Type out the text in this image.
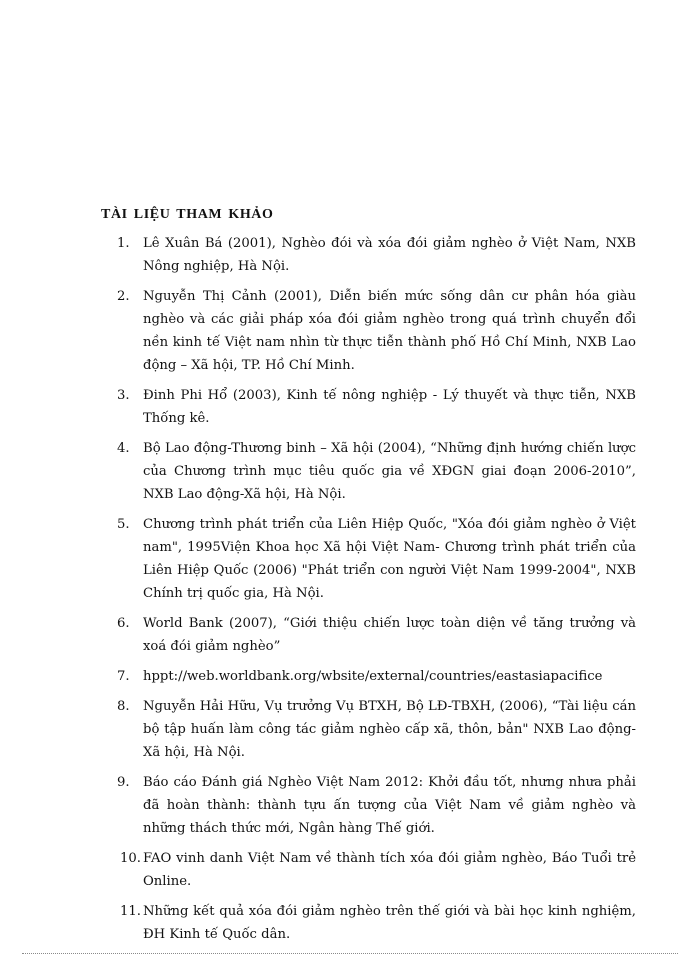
TÀI LIỆU THAM KHẢO
1. Lê Xuân Bá (2001), Nghèo đói và xóa đói giảm nghèo ở Việt Nam, NXB Nông nghiệp, Hà Nội.
2. Nguyễn Thị Cảnh (2001), Diễn biến mức sống dân cư phân hóa giàu nghèo và các giải pháp xóa đói giảm nghèo trong quá trình chuyển đổi nền kinh tế Việt nam nhìn từ thực tiễn thành phố Hồ Chí Minh, NXB Lao động – Xã hội, TP. Hồ Chí Minh.
3. Đinh Phi Hổ (2003), Kinh tế nông nghiệp - Lý thuyết và thực tiễn, NXB Thống kê.
4. Bộ Lao động-Thương binh – Xã hội (2004), “Những định hướng chiến lược của Chương trình mục tiêu quốc gia về XĐGN giai đoạn 2006-2010”, NXB Lao động-Xã hội, Hà Nội.
5. Chương trình phát triển của Liên Hiệp Quốc, "Xóa đói giảm nghèo ở Việt nam", 1995Viện Khoa học Xã hội Việt Nam- Chương trình phát triển của Liên Hiệp Quốc (2006) "Phát triển con người Việt Nam 1999-2004", NXB Chính trị quốc gia, Hà Nội.
6. World Bank (2007), “Giới thiệu chiến lược toàn diện về tăng trưởng và xoá đói giảm nghèo”
7. hppt://web.worldbank.org/wbsite/external/countries/eastasiapacifice
8. Nguyễn Hải Hữu, Vụ trưởng Vụ BTXH, Bộ LĐ-TBXH, (2006), “Tài liệu cán bộ tập huấn làm công tác giảm nghèo cấp xã, thôn, bản" NXB Lao động-Xã hội, Hà Nội.
9. Báo cáo Đánh giá Nghèo Việt Nam 2012: Khởi đầu tốt, nhưng nhưa phải đã hoàn thành: thành tựu ấn tượng của Việt Nam về giảm nghèo và những thách thức mới, Ngân hàng Thế giới.
10. FAO vinh danh Việt Nam về thành tích xóa đói giảm nghèo, Báo Tuổi trẻ Online.
11. Những kết quả xóa đói giảm nghèo trên thế giới và bài học kinh nghiệm, ĐH Kinh tế Quốc dân.
